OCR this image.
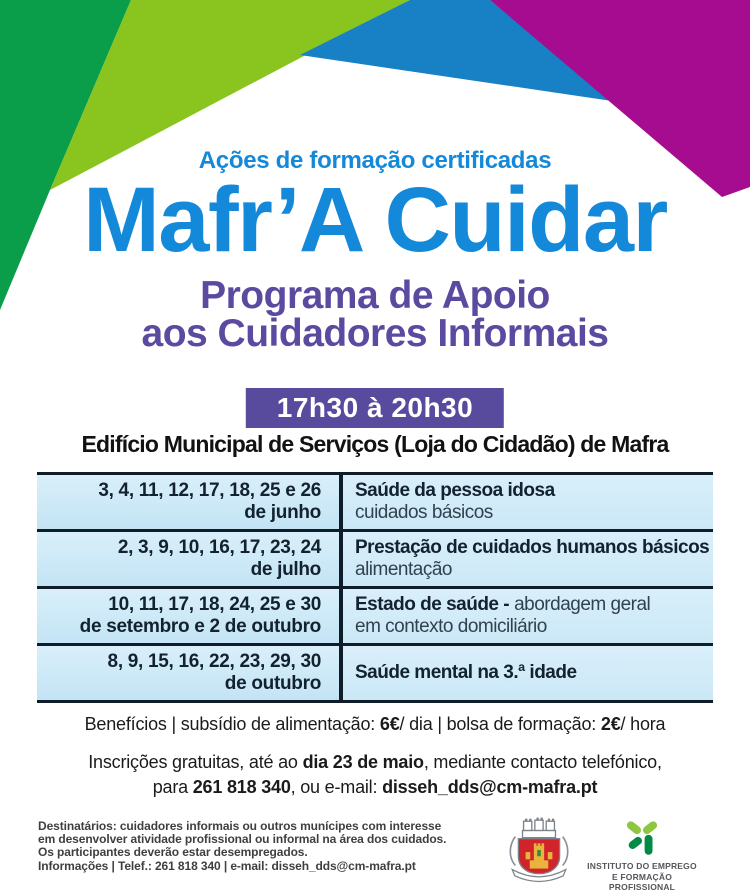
Ações de formação certificadas
Mafr’A Cuidar
Programa de Apoio
aos Cuidadores Informais
17h30 à 20h30
Edifício Municipal de Serviços (Loja do Cidadão) de Mafra
3, 4, 11, 12, 17, 18, 25 e 26
de junho
Saúde da pessoa idosa
cuidados básicos
2, 3, 9, 10, 16, 17, 23, 24
de julho
Prestação de cuidados humanos básicos
alimentação
10, 11, 17, 18, 24, 25 e 30
de setembro e 2 de outubro
Estado de saúde - abordagem geral
em contexto domiciliário
8, 9, 15, 16, 22, 23, 29, 30
de outubro
Saúde mental na 3.ª idade
Benefícios | subsídio de alimentação: 6€/ dia | bolsa de formação: 2€/ hora
Inscrições gratuitas, até ao dia 23 de maio, mediante contacto telefónico,
para 261 818 340, ou e-mail: disseh_dds@cm-mafra.pt
Destinatários: cuidadores informais ou outros munícipes com interesse
em desenvolver atividade profissional ou informal na área dos cuidados.
Os participantes deverão estar desempregados.
Informações | Telef.: 261 818 340 | e-mail: disseh_dds@cm-mafra.pt	INSTITUTO DO EMPREGO
E FORMAÇÃO PROFISSIONAL
